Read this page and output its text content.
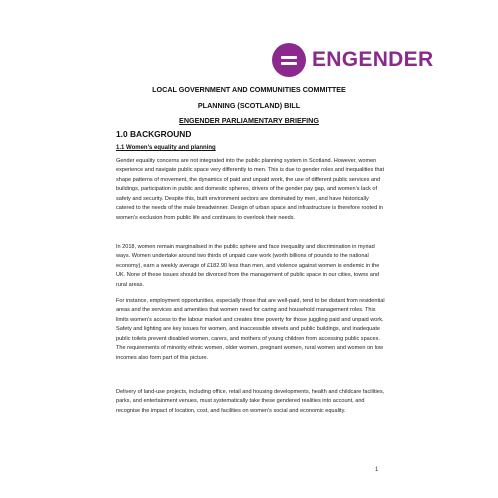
ENGENDER
LOCAL GOVERNMENT AND COMMUNITIES COMMITTEE
PLANNING (SCOTLAND) BILL
ENGENDER PARLIAMENTARY BRIEFING
1.0 BACKGROUND
1.1 Women’s equality and planning

Gender equality concerns are not integrated into the public planning system in Scotland. However, women experience and navigate public space very differently to men. This is due to gender roles and inequalities that shape patterns of movement, the dynamics of paid and unpaid work, the use of different public services and buildings, participation in public and domestic spheres, drivers of the gender pay gap, and women’s lack of safety and security. Despite this, built environment sectors are dominated by men, and have historically catered to the needs of the male breadwinner. Design of urban space and infrastructure is therefore rooted in women’s exclusion from public life and continues to overlook their needs.

In 2018, women remain marginalised in the public sphere and face inequality and discrimination in myriad ways. Women undertake around two thirds of unpaid care work (worth billions of pounds to the national economy), earn a weekly average of £182.90 less than men, and violence against women is endemic in the UK. None of these issues should be divorced from the management of public space in our cities, towns and rural areas.

For instance, employment opportunities, especially those that are well-paid, tend to be distant from residential areas and the services and amenities that women need for caring and household management roles. This limits women’s access to the labour market and creates time poverty for those juggling paid and unpaid work. Safety and lighting are key issues for women, and inaccessible streets and public buildings, and inadequate public toilets prevent disabled women, carers, and mothers of young children from accessing public spaces. The requirements of minority ethnic women, older women, pregnant women, rural women and women on low incomes also form part of this picture.

Delivery of land-use projects, including office, retail and housing developments, health and childcare facilities, parks, and entertainment venues, must systematically take these gendered realities into account, and recognise the impact of location, cost, and facilities on women’s social and economic equality.

1
